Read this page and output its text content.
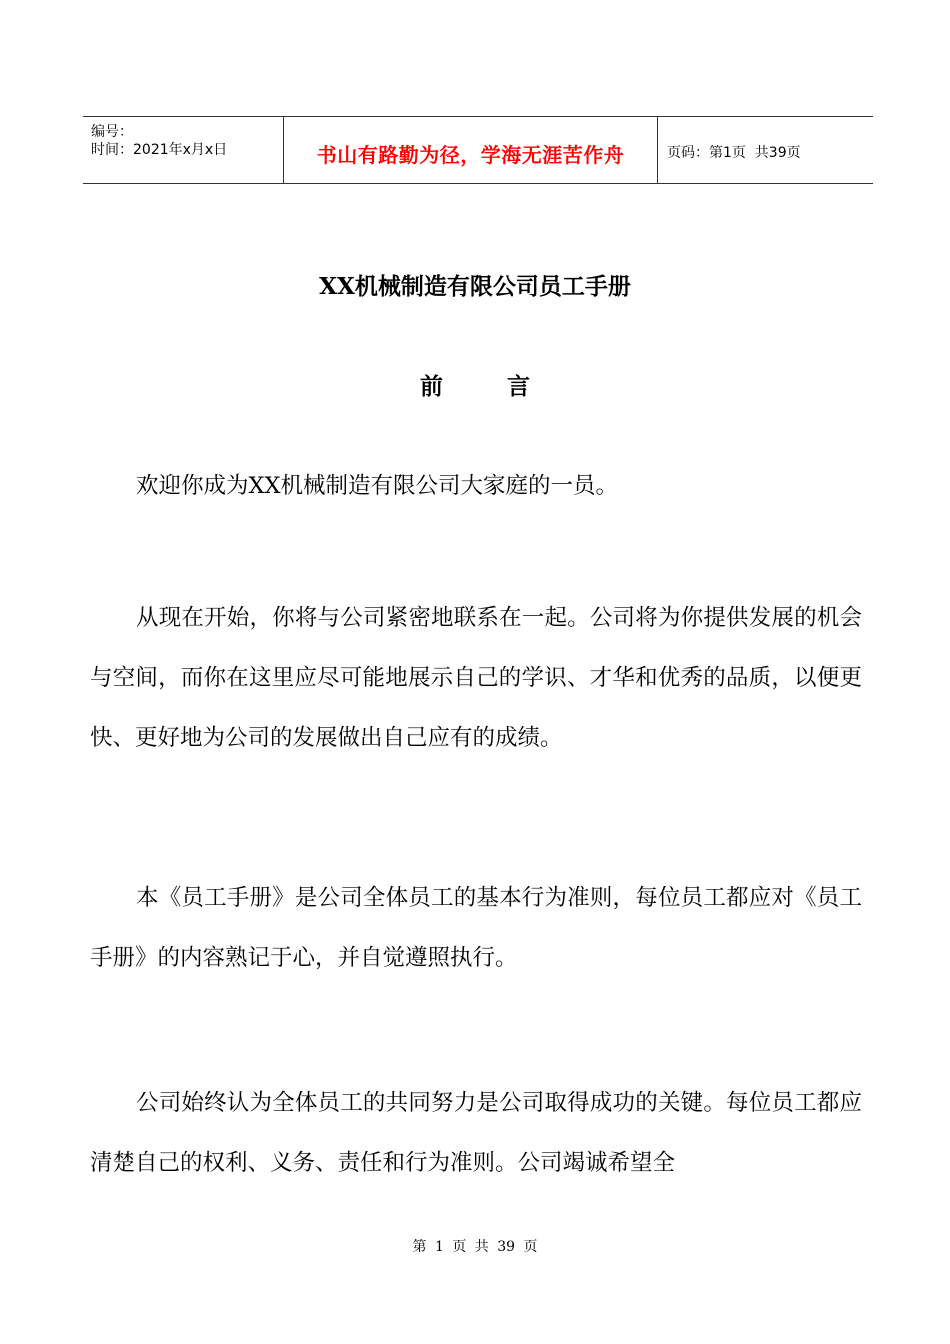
编号：
时间：2021年x月x日	书山有路勤为径，学海无涯苦作舟	页码：第1页  共39页
XX机械制造有限公司员工手册
前言

欢迎你成为XX机械制造有限公司大家庭的一员。

从现在开始，你将与公司紧密地联系在一起。公司将为你提供发展的机会与空间，而你在这里应尽可能地展示自己的学识、才华和优秀的品质，以便更快、更好地为公司的发展做出自己应有的成绩。

本《员工手册》是公司全体员工的基本行为准则，每位员工都应对《员工手册》的内容熟记于心，并自觉遵照执行。

公司始终认为全体员工的共同努力是公司取得成功的关键。每位员工都应清楚自己的权利、义务、责任和行为准则。公司竭诚希望全

第 1 页 共 39 页
